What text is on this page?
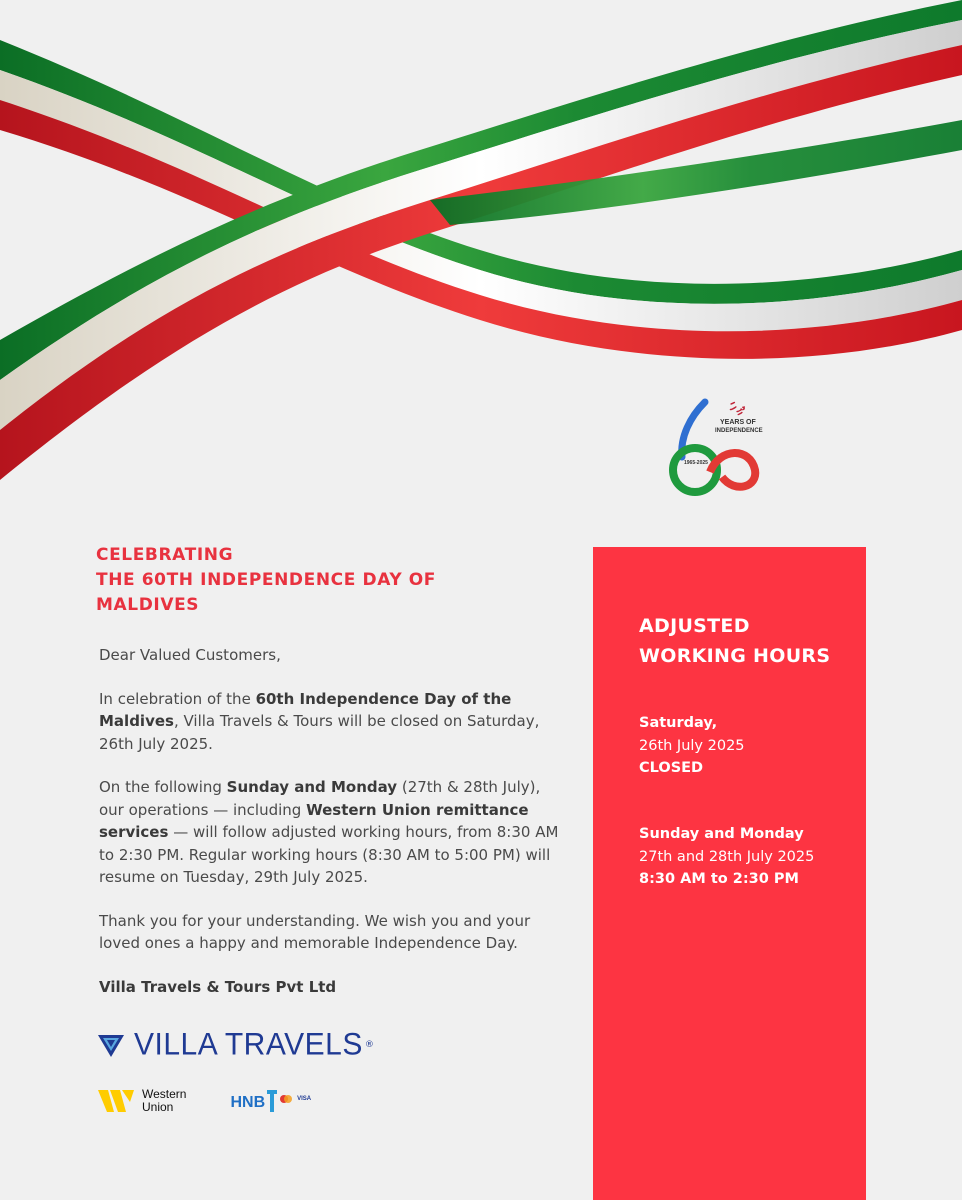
YEARS OF
INDEPENDENCE
1965-2025
ދިހަ
CELEBRATING
THE 60TH INDEPENDENCE DAY OF
MALDIVES

Dear Valued Customers,

In celebration of the 60th Independence Day of the Maldives, Villa Travels & Tours will be closed on Saturday, 26th July 2025.

On the following Sunday and Monday (27th & 28th July), our operations — including Western Union remittance services — will follow adjusted working hours, from 8:30 AM to 2:30 PM. Regular working hours (8:30 AM to 5:00 PM) will resume on Tuesday, 29th July 2025.

Thank you for your understanding. We wish you and your loved ones a happy and memorable Independence Day.

Villa Travels & Tours Pvt Ltd

VILLA TRAVELS ®
Western
Union	HNB	VISA
ADJUSTED
WORKING HOURS
Saturday,
26th July 2025
CLOSED
Sunday and Monday
27th and 28th July 2025
8:30 AM to 2:30 PM
